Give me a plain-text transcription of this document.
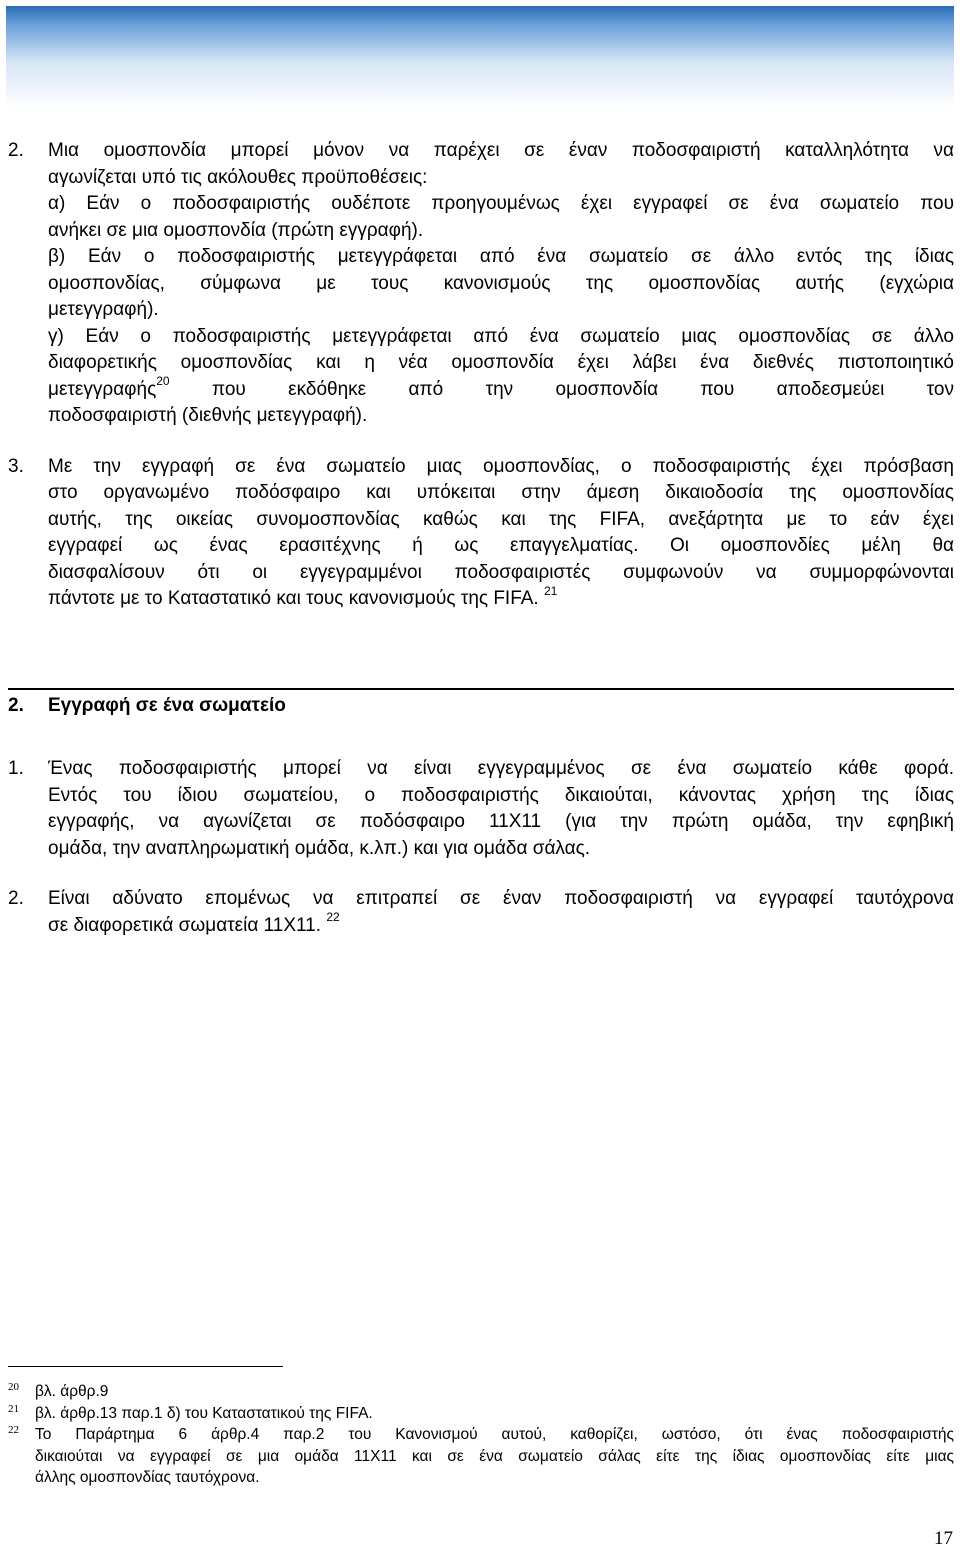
2. Μια ομοσπονδία μπορεί μόνον να παρέχει σε έναν ποδοσφαιριστή καταλληλότητα να

αγωνίζεται υπό τις ακόλουθες προϋποθέσεις:

α) Εάν ο ποδοσφαιριστής ουδέποτε προηγουμένως έχει εγγραφεί σε ένα σωματείο που

ανήκει σε μια ομοσπονδία (πρώτη εγγραφή).

β) Εάν ο ποδοσφαιριστής μετεγγράφεται από ένα σωματείο σε άλλο εντός της ίδιας

ομοσπονδίας, σύμφωνα με τους κανονισμούς της ομοσπονδίας αυτής (εγχώρια

μετεγγραφή).

γ) Εάν ο ποδοσφαιριστής μετεγγράφεται από ένα σωματείο μιας ομοσπονδίας σε άλλο

διαφορετικής ομοσπονδίας και η νέα ομοσπονδία έχει λάβει ένα διεθνές πιστοποιητικό

μετεγγραφής$^{20}$ που εκδόθηκε από την ομοσπονδία που αποδεσμεύει τον

ποδοσφαιριστή (διεθνής μετεγγραφή).

3. Με την εγγραφή σε ένα σωματείο μιας ομοσπονδίας, ο ποδοσφαιριστής έχει πρόσβαση

στο οργανωμένο ποδόσφαιρο και υπόκειται στην άμεση δικαιοδοσία της ομοσπονδίας

αυτής, της οικείας συνομοσπονδίας καθώς και της FIFA, ανεξάρτητα με το εάν έχει

εγγραφεί ως ένας ερασιτέχνης ή ως επαγγελματίας. Οι ομοσπονδίες μέλη θα

διασφαλίσουν ότι οι εγγεγραμμένοι ποδοσφαιριστές συμφωνούν να συμμορφώνονται

πάντοτε με το Καταστατικό και τους κανονισμούς της FIFA. $^{21}$

2. Εγγραφή σε ένα σωματείο
1. Ένας ποδοσφαιριστής μπορεί να είναι εγγεγραμμένος σε ένα σωματείο κάθε φορά.

Εντός του ίδιου σωματείου, ο ποδοσφαιριστής δικαιούται, κάνοντας χρήση της ίδιας

εγγραφής, να αγωνίζεται σε ποδόσφαιρο 11Χ11 (για την πρώτη ομάδα, την εφηβική

ομάδα, την αναπληρωματική ομάδα, κ.λπ.) και για ομάδα σάλας.

2. Είναι αδύνατο επομένως να επιτραπεί σε έναν ποδοσφαιριστή να εγγραφεί ταυτόχρονα

σε διαφορετικά σωματεία 11Χ11. $^{22}$

20 βλ. άρθρ.9

21 βλ. άρθρ.13 παρ.1 δ) του Καταστατικού της FIFA.

22 Το Παράρτημα 6 άρθρ.4 παρ.2 του Κανονισμού αυτού, καθορίζει, ωστόσο, ότι ένας ποδοσφαιριστής

δικαιούται να εγγραφεί σε μια ομάδα 11Χ11 και σε ένα σωματείο σάλας είτε της ίδιας ομοσπονδίας είτε μιας

άλλης ομοσπονδίας ταυτόχρονα.

17
